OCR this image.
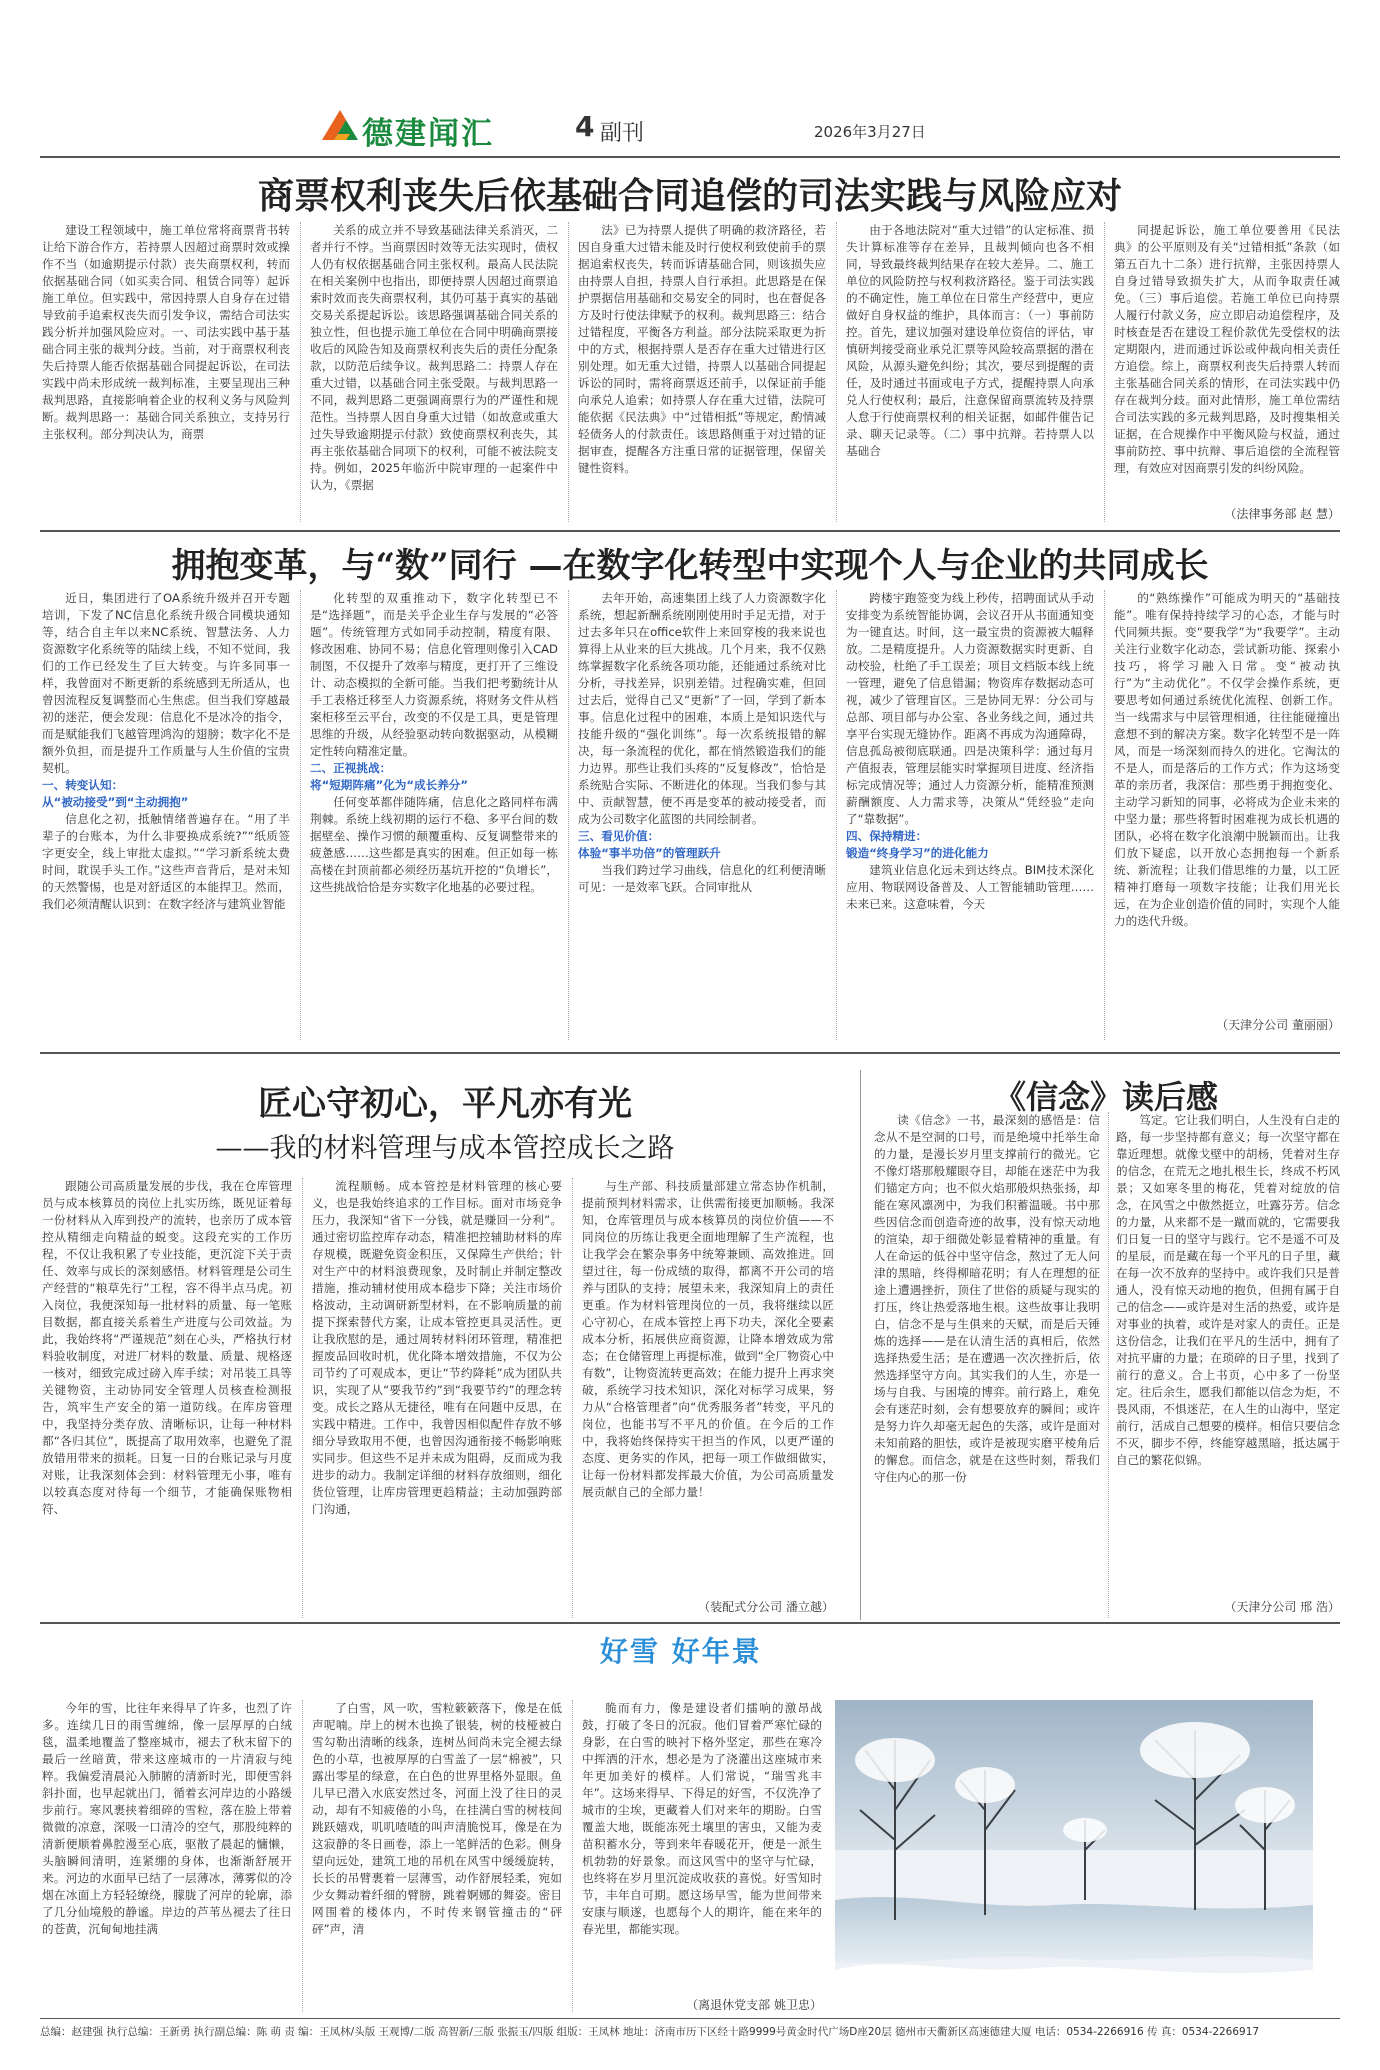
德建闻汇	4 副刊	2026年3月27日
商票权利丧失后依基础合同追偿的司法实践与风险应对

建设工程领域中，施工单位常将商票背书转让给下游合作方，若持票人因超过商票时效或操作不当（如逾期提示付款）丧失商票权利，转而依据基础合同（如买卖合同、租赁合同等）起诉施工单位。但实践中，常因持票人自身存在过错导致前手追索权丧失而引发争议，需结合司法实践分析并加强风险应对。一、司法实践中基于基础合同主张的裁判分歧。当前，对于商票权利丧失后持票人能否依据基础合同提起诉讼，在司法实践中尚未形成统一裁判标准，主要呈现出三种裁判思路，直接影响着企业的权利义务与风险判断。裁判思路一：基础合同关系独立，支持另行主张权利。部分判决认为，商票

关系的成立并不导致基础法律关系消灭，二者并行不悖。当商票因时效等无法实现时，债权人仍有权依据基础合同主张权利。最高人民法院在相关案例中也指出，即便持票人因超过商票追索时效而丧失商票权利，其仍可基于真实的基础交易关系提起诉讼。该思路强调基础合同关系的独立性，但也提示施工单位在合同中明确商票接收后的风险告知及商票权利丧失后的责任分配条款，以防范后续争议。裁判思路二：持票人存在重大过错，以基础合同主张受限。与裁判思路一不同，裁判思路二更强调商票行为的严谨性和规范性。当持票人因自身重大过错（如故意或重大过失导致逾期提示付款）致使商票权利丧失，其再主张依基础合同项下的权利，可能不被法院支持。例如，2025年临沂中院审理的一起案件中认为，《票据

法》已为持票人提供了明确的救济路径，若因自身重大过错未能及时行使权利致使前手的票据追索权丧失，转而诉请基础合同，则该损失应由持票人自担，持票人自行承担。此思路是在保护票据信用基础和交易安全的同时，也在督促各方及时行使法律赋予的权利。裁判思路三：结合过错程度，平衡各方利益。部分法院采取更为折中的方式，根据持票人是否存在重大过错进行区别处理。如无重大过错，持票人以基础合同提起诉讼的同时，需将商票返还前手，以保证前手能向承兑人追索；如持票人存在重大过错，法院可能依据《民法典》中“过错相抵”等规定，酌情减轻债务人的付款责任。该思路侧重于对过错的证据审查，提醒各方注重日常的证据管理，保留关键性资料。

由于各地法院对“重大过错”的认定标准、损失计算标准等存在差异，且裁判倾向也各不相同，导致最终裁判结果存在较大差异。二、施工单位的风险防控与权利救济路径。鉴于司法实践的不确定性，施工单位在日常生产经营中，更应做好自身权益的维护，具体而言：（一）事前防控。首先，建议加强对建设单位资信的评估，审慎研判接受商业承兑汇票等风险较高票据的潜在风险，从源头避免纠纷；其次，要尽到提醒的责任，及时通过书面或电子方式，提醒持票人向承兑人行使权利；最后，注意保留商票流转及持票人怠于行使商票权利的相关证据，如邮件催告记录、聊天记录等。（二）事中抗辩。若持票人以基础合

同提起诉讼，施工单位要善用《民法典》的公平原则及有关“过错相抵”条款（如第五百九十二条）进行抗辩，主张因持票人自身过错导致损失扩大，从而争取责任减免。（三）事后追偿。若施工单位已向持票人履行付款义务，应立即启动追偿程序，及时核查是否在建设工程价款优先受偿权的法定期限内，进而通过诉讼或仲裁向相关责任方追偿。综上，商票权利丧失后持票人转而主张基础合同关系的情形，在司法实践中仍存在裁判分歧。面对此情形，施工单位需结合司法实践的多元裁判思路，及时搜集相关证据，在合规操作中平衡风险与权益，通过事前防控、事中抗辩、事后追偿的全流程管理，有效应对因商票引发的纠纷风险。

（法律事务部 赵 慧）
拥抱变革，与“数”同行 —在数字化转型中实现个人与企业的共同成长

近日，集团进行了OA系统升级并召开专题培训，下发了NC信息化系统升级合同模块通知等，结合自主年以来NC系统、智慧法务、人力资源数字化系统等的陆续上线，不知不觉间，我们的工作已经发生了巨大转变。与许多同事一样，我曾面对不断更新的系统感到无所适从，也曾因流程反复调整而心生焦虑。但当我们穿越最初的迷茫，便会发现：信息化不是冰冷的指令，而是赋能我们飞越管理鸿沟的翅膀；数字化不是额外负担，而是提升工作质量与人生价值的宝贵契机。

一、转变认知：

从“被动接受”到“主动拥抱”

信息化之初，抵触情绪普遍存在。“用了半辈子的台账本，为什么非要换成系统?”“纸质签字更安全，线上审批太虚拟。”“学习新系统太费时间，耽误手头工作。”这些声音背后，是对未知的天然警惕，也是对舒适区的本能捍卫。然而，我们必须清醒认识到：在数字经济与建筑业智能

化转型的双重推动下，数字化转型已不是“选择题”，而是关乎企业生存与发展的“必答题”。传统管理方式如同手动控制，精度有限、修改困难、协同不易；信息化管理则像引入CAD制图，不仅提升了效率与精度，更打开了三维设计、动态模拟的全新可能。当我们把考勤统计从手工表格迁移至人力资源系统，将财务文件从档案柜移至云平台，改变的不仅是工具，更是管理思维的升级，从经验驱动转向数据驱动，从模糊定性转向精准定量。

二、正视挑战：

将“短期阵痛”化为“成长养分”

任何变革都伴随阵痛，信息化之路同样布满荆棘。系统上线初期的运行不稳、多平台间的数据壁垒、操作习惯的颠覆重构、反复调整带来的疲惫感……这些都是真实的困难。但正如每一栋高楼在封顶前都必须经历基坑开挖的“负增长”，这些挑战恰恰是夯实数字化地基的必要过程。

去年开始，高速集团上线了人力资源数字化系统，想起新酬系统刚刚使用时手足无措，对于过去多年只在office软件上来回穿梭的我来说也算得上从业来的巨大挑战。几个月来，我不仅熟练掌握数字化系统各项功能，还能通过系统对比分析，寻找差异，识别差错。过程确实难，但回过去后，觉得自己又“更新”了一回，学到了新本事。信息化过程中的困难，本质上是知识迭代与技能升级的“强化训练”。每一次系统报错的解决，每一条流程的优化，都在悄然锻造我们的能力边界。那些让我们头疼的“反复修改”，恰恰是系统贴合实际、不断进化的体现。当我们参与其中、贡献智慧，便不再是变革的被动接受者，而成为公司数字化蓝图的共同绘制者。

三、看见价值：

体验“事半功倍”的管理跃升

当我们跨过学习曲线，信息化的红利便清晰可见：一是效率飞跃。合同审批从

跨楼宇跑签变为线上秒传，招聘面试从手动安排变为系统智能协调，会议召开从书面通知变为一键直达。时间，这一最宝贵的资源被大幅释放。二是精度提升。人力资源数据实时更新、自动校验，杜绝了手工误差；项目文档版本线上统一管理，避免了信息错漏；物资库存数据动态可视，减少了管理盲区。三是协同无界：分公司与总部、项目部与办公室、各业务线之间，通过共享平台实现无缝协作。距离不再成为沟通障碍，信息孤岛被彻底联通。四是决策科学：通过每月产值报表，管理层能实时掌握项目进度、经济指标完成情况等；通过人力资源分析，能精准预测薪酬额度、人力需求等，决策从“凭经验”走向了“靠数据”。

四、保持精进：

锻造“终身学习”的进化能力

建筑业信息化远未到达终点。BIM技术深化应用、物联网设备普及、人工智能辅助管理……未来已来。这意味着，今天

的“熟练操作”可能成为明天的“基础技能”。唯有保持持续学习的心态，才能与时代同频共振。变“要我学”为“我要学”。主动关注行业数字化动态，尝试新功能、探索小技巧，将学习融入日常。变“被动执行”为“主动优化”。不仅学会操作系统，更要思考如何通过系统优化流程、创新工作。当一线需求与中层管理相通，往往能碰撞出意想不到的解决方案。数字化转型不是一阵风，而是一场深刻而持久的进化。它淘汰的不是人，而是落后的工作方式；作为这场变革的亲历者，我深信：那些勇于拥抱变化、主动学习新知的同事，必将成为企业未来的中坚力量；那些将暂时困难视为成长机遇的团队，必将在数字化浪潮中脱颖而出。让我们放下疑虑，以开放心态拥抱每一个新系统、新流程；让我们借思维的力量，以工匠精神打磨每一项数字技能；让我们用光长远，在为企业创造价值的同时，实现个人能力的迭代升级。

（天津分公司 董丽丽）
匠心守初心，平凡亦有光
——我的材料管理与成本管控成长之路

跟随公司高质量发展的步伐，我在仓库管理员与成本核算员的岗位上扎实历练，既见证着每一份材料从入库到投产的流转，也亲历了成本管控从精细走向精益的蜕变。这段充实的工作历程，不仅让我积累了专业技能，更沉淀下关于责任、效率与成长的深刻感悟。材料管理是公司生产经营的“粮草先行”工程，容不得半点马虎。初入岗位，我便深知每一批材料的质量、每一笔账目数据，都直接关系着生产进度与公司效益。为此，我始终将“严谨规范”刻在心头，严格执行材料验收制度，对进厂材料的数量、质量、规格逐一核对，细致完成过磅入库手续；对吊装工具等关键物资，主动协同安全管理人员核查检测报告，筑牢生产安全的第一道防线。在库房管理中，我坚持分类存放、清晰标识，让每一种材料都“各归其位”，既提高了取用效率，也避免了混放错用带来的损耗。日复一日的台账记录与月度对账，让我深刻体会到：材料管理无小事，唯有以较真态度对待每一个细节，才能确保账物相符、

流程顺畅。成本管控是材料管理的核心要义，也是我始终追求的工作目标。面对市场竞争压力，我深知“省下一分钱，就是赚回一分利”。通过密切监控库存动态，精准把控辅助材料的库存规模，既避免资金积压，又保障生产供给；针对生产中的材料浪费现象，及时制止并制定整改措施，推动辅材使用成本稳步下降；关注市场价格波动，主动调研新型材料，在不影响质量的前提下探索替代方案，让成本管控更具灵活性。更让我欣慰的是，通过周转材料闭环管理，精准把握废品回收时机，优化降本增效措施，不仅为公司节约了可观成本，更让“节约降耗”成为团队共识，实现了从“要我节约”到“我要节约”的理念转变。成长之路从无捷径，唯有在问题中反思，在实践中精进。工作中，我曾因相似配件存放不够细分导致取用不便，也曾因沟通衔接不畅影响账实同步。但这些不足并未成为阻碍，反而成为我进步的动力。我制定详细的材料存放细则，细化货位管理，让库房管理更趋精益；主动加强跨部门沟通，

与生产部、科技质量部建立常态协作机制，提前预判材料需求，让供需衔接更加顺畅。我深知，仓库管理员与成本核算员的岗位价值——不同岗位的历练让我更全面地理解了生产流程，也让我学会在繁杂事务中统筹兼顾、高效推进。回望过往，每一份成绩的取得，都离不开公司的培养与团队的支持；展望未来，我深知肩上的责任更重。作为材料管理岗位的一员，我将继续以匠心守初心，在成本管控上再下功夫，深化全要素成本分析，拓展供应商资源，让降本增效成为常态；在仓储管理上再提标准，做到“全厂物资心中有数”，让物资流转更高效；在能力提升上再求突破，系统学习技术知识，深化对标学习成果，努力从“合格管理者”向“优秀服务者”转变，平凡的岗位，也能书写不平凡的价值。在今后的工作中，我将始终保持实干担当的作风，以更严谨的态度、更务实的作风，把每一项工作做细做实，让每一份材料都发挥最大价值，为公司高质量发展贡献自己的全部力量！

（装配式分公司 潘立越）
《信念》读后感

读《信念》一书，最深刻的感悟是：信念从不是空洞的口号，而是绝境中托举生命的力量，是漫长岁月里支撑前行的微光。它不像灯塔那般耀眼夺目，却能在迷茫中为我们锚定方向；也不似火焰那般炽热张扬，却能在寒风凛冽中，为我们积蓄温暖。书中那些因信念而创造奇迹的故事，没有惊天动地的渲染，却于细微处彰显着精神的重量。有人在命运的低谷中坚守信念，熬过了无人问津的黑暗，终得柳暗花明；有人在理想的征途上遭遇挫折，顶住了世俗的质疑与现实的打压，终让热爱落地生根。这些故事让我明白，信念不是与生俱来的天赋，而是后天锤炼的选择——是在认清生活的真相后，依然选择热爱生活；是在遭遇一次次挫折后，依然选择坚守方向。其实我们的人生，亦是一场与自我、与困境的博弈。前行路上，难免会有迷茫时刻，会有想要放弃的瞬间；或许是努力许久却毫无起色的失落，或许是面对未知前路的胆怯，或许是被现实磨平棱角后的懈怠。而信念，就是在这些时刻，帮我们守住内心的那一份

笃定。它让我们明白，人生没有白走的路，每一步坚持都有意义；每一次坚守都在靠近理想。就像戈壁中的胡杨，凭着对生存的信念，在荒无之地扎根生长，终成不朽风景；又如寒冬里的梅花，凭着对绽放的信念，在风雪之中傲然挺立，吐露芬芳。信念的力量，从来都不是一蹴而就的，它需要我们日复一日的坚守与践行。它不是遥不可及的星辰，而是藏在每一个平凡的日子里，藏在每一次不放弃的坚持中。或许我们只是普通人，没有惊天动地的抱负，但拥有属于自己的信念——或许是对生活的热爱，或许是对事业的执着，或许是对家人的责任。正是这份信念，让我们在平凡的生活中，拥有了对抗平庸的力量；在琐碎的日子里，找到了前行的意义。合上书页，心中多了一份坚定。往后余生，愿我们都能以信念为炬，不畏风雨，不惧迷茫，在人生的山海中，坚定前行，活成自己想要的模样。相信只要信念不灭，脚步不停，终能穿越黑暗，抵达属于自己的繁花似锦。

（天津分公司 邢 浩）
好雪 好年景

今年的雪，比往年来得早了许多，也烈了许多。连续几日的雨雪缠绵，像一层厚厚的白绒毯，温柔地覆盖了整座城市，褪去了秋末留下的最后一丝暗黄，带来这座城市的一片清寂与纯粹。我偏爱清晨沁入肺腑的清新时光，即便雪斜斜扑面，也早起就出门，循着玄河岸边的小路缓步前行。寒风裹挟着细碎的雪粒，落在脸上带着微微的凉意，深吸一口清冷的空气，那股纯粹的清新便顺着鼻腔漫至心底，驱散了晨起的慵懒，头脑瞬间清明，连紧绷的身体，也渐渐舒展开来。河边的水面早已结了一层薄冰，薄雾似的冷烟在冰面上方轻轻缭绕，朦胧了河岸的轮廓，添了几分仙境般的静谧。岸边的芦苇丛褪去了往日的苍黄，沉甸甸地挂满

了白雪，风一吹，雪粒簌簌落下，像是在低声呢喃。岸上的树木也换了银装，树的枝桠被白雪勾勒出清晰的线条，连树丛间尚未完全褪去绿色的小草，也被厚厚的白雪盖了一层“棉被”，只露出零星的绿意，在白色的世界里格外显眼。鱼儿早已潜入水底安然过冬，河面上没了往日的灵动，却有不知疲倦的小鸟，在挂满白雪的树枝间跳跃嬉戏，叽叽喳喳的叫声清脆悦耳，像是在为这寂静的冬日画卷，添上一笔鲜活的色彩。侧身望向远处，建筑工地的吊机在风雪中缓缓旋转，长长的吊臂裹着一层薄雪，动作舒展轻柔，宛如少女舞动着纤细的臂膀，跳着婀娜的舞姿。密目网围着的楼体内，不时传来钢管撞击的“砰砰”声，清

脆而有力，像是建设者们擂响的激昂战鼓，打破了冬日的沉寂。他们冒着严寒忙碌的身影，在白雪的映衬下格外坚定，那些在寒冷中挥洒的汗水，想必是为了浇灌出这座城市来年更加美好的模样。人们常说，“瑞雪兆丰年”。这场来得早、下得足的好雪，不仅洗净了城市的尘埃，更藏着人们对来年的期盼。白雪覆盖大地，既能冻死土壤里的害虫，又能为麦苗积蓄水分，等到来年春暖花开，便是一派生机勃勃的好景象。而这风雪中的坚守与忙碌，也终将在岁月里沉淀成收获的喜悦。好雪知时节，丰年自可期。愿这场早雪，能为世间带来安康与顺遂，也愿每个人的期许，能在来年的春光里，都能实现。

（离退休党支部 姚卫忠）
总编：赵建强 执行总编：王新勇 执行副总编：陈 萌 责 编：王凤林/头版 王观博/二版 高智新/三版 张振玉/四版 组版：王凤林 地址：济南市历下区经十路9999号黄金时代广场D座20层 德州市天衢新区高速德建大厦 电话：0534-2266916 传 真：0534-2266917
